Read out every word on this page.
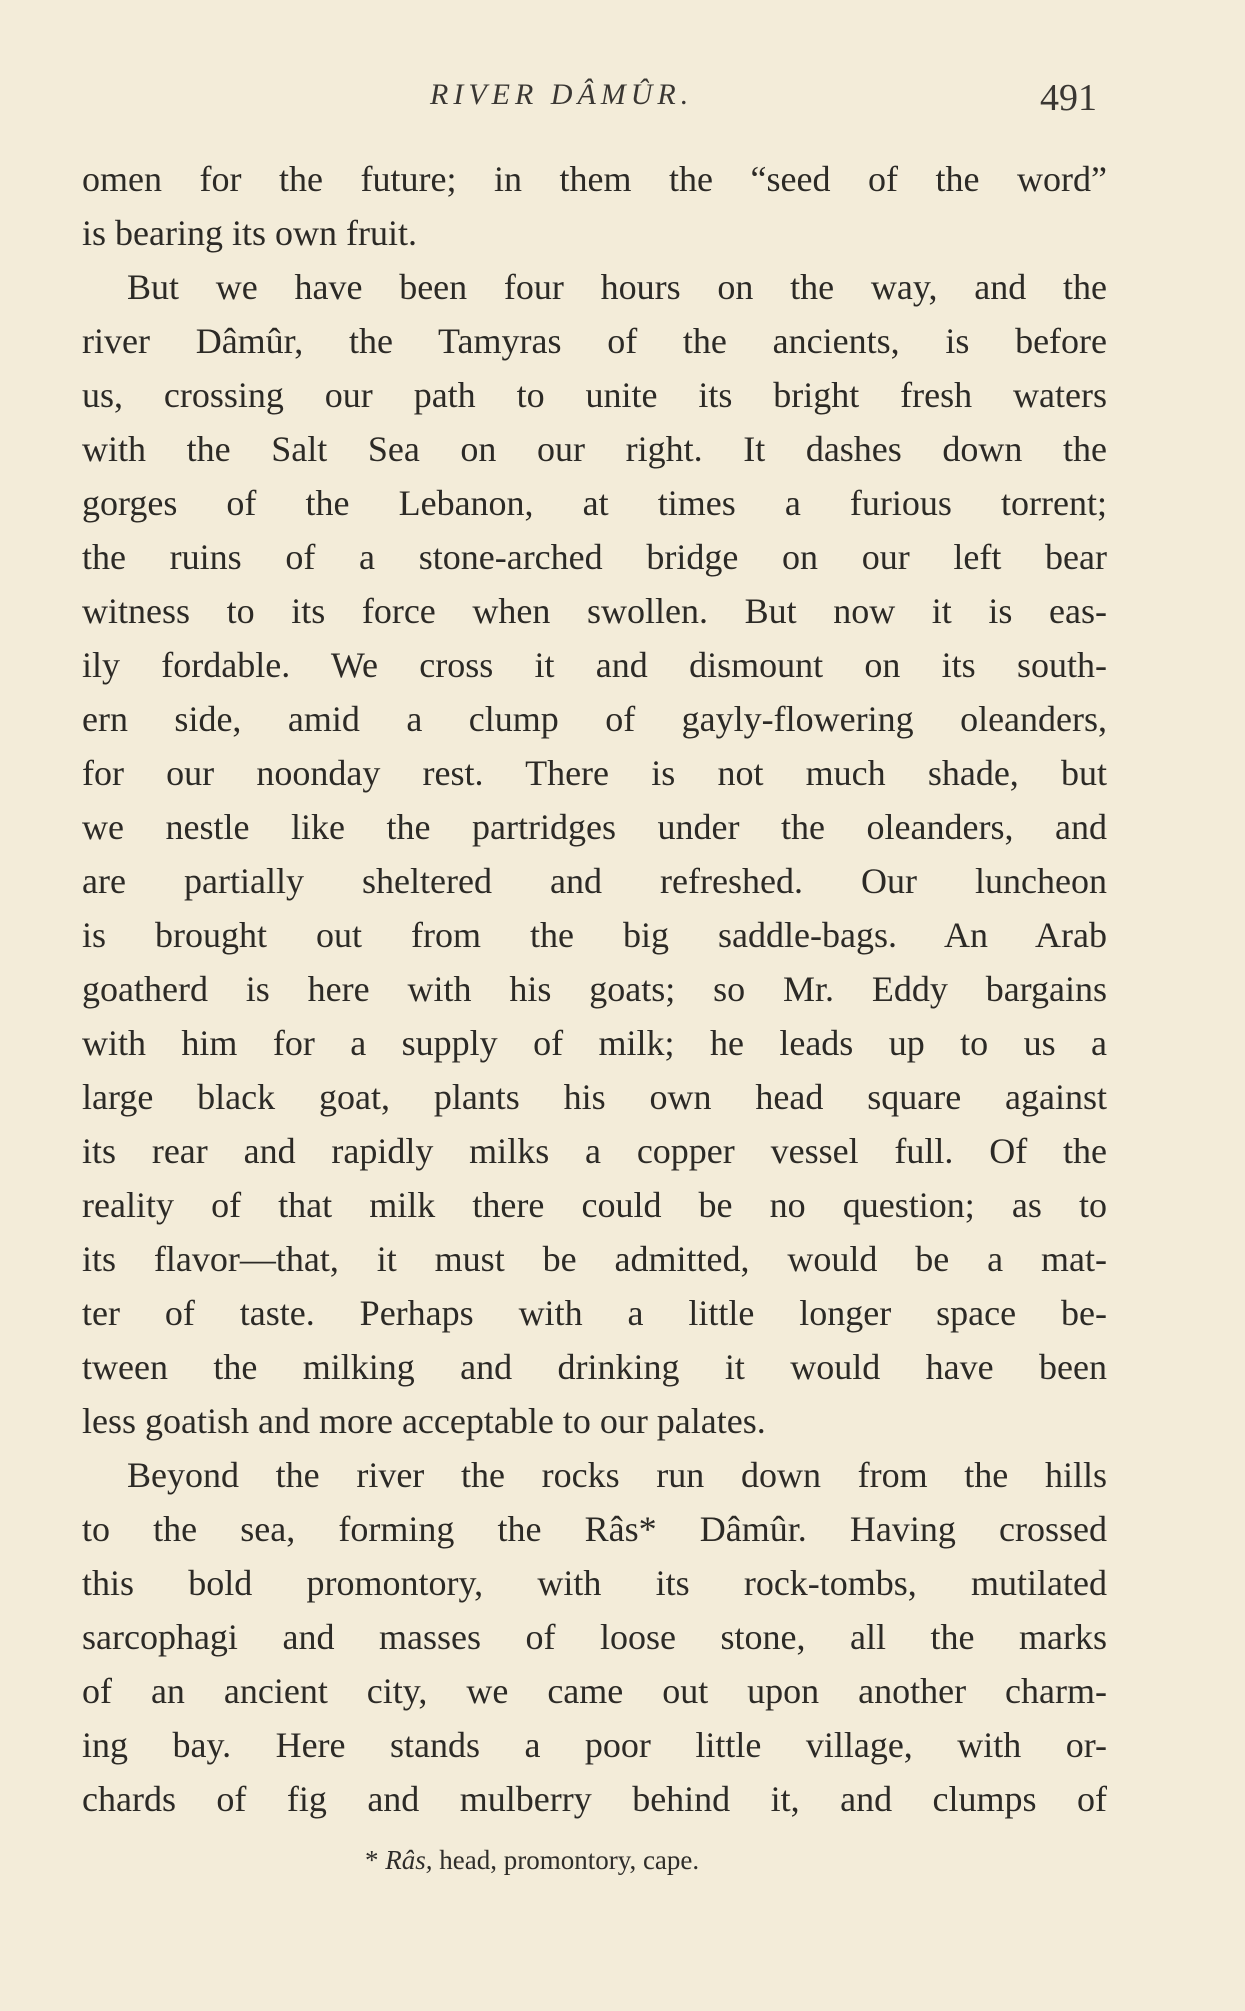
RIVER DÂMÛR.	491
omen for the future; in them the “seed of the word”
is bearing its own fruit.
But we have been four hours on the way, and the
river Dâmûr, the Tamyras of the ancients, is before
us, crossing our path to unite its bright fresh waters
with the Salt Sea on our right. It dashes down the
gorges of the Lebanon, at times a furious torrent;
the ruins of a stone-arched bridge on our left bear
witness to its force when swollen. But now it is eas-
ily fordable. We cross it and dismount on its south-
ern side, amid a clump of gayly-flowering oleanders,
for our noonday rest. There is not much shade, but
we nestle like the partridges under the oleanders, and
are partially sheltered and refreshed. Our luncheon
is brought out from the big saddle-bags. An Arab
goatherd is here with his goats; so Mr. Eddy bargains
with him for a supply of milk; he leads up to us a
large black goat, plants his own head square against
its rear and rapidly milks a copper vessel full. Of the
reality of that milk there could be no question; as to
its flavor—that, it must be admitted, would be a mat-
ter of taste. Perhaps with a little longer space be-
tween the milking and drinking it would have been
less goatish and more acceptable to our palates.
Beyond the river the rocks run down from the hills
to the sea, forming the Râs* Dâmûr. Having crossed
this bold promontory, with its rock-tombs, mutilated
sarcophagi and masses of loose stone, all the marks
of an ancient city, we came out upon another charm-
ing bay. Here stands a poor little village, with or-
chards of fig and mulberry behind it, and clumps of
* Râs, head, promontory, cape.
